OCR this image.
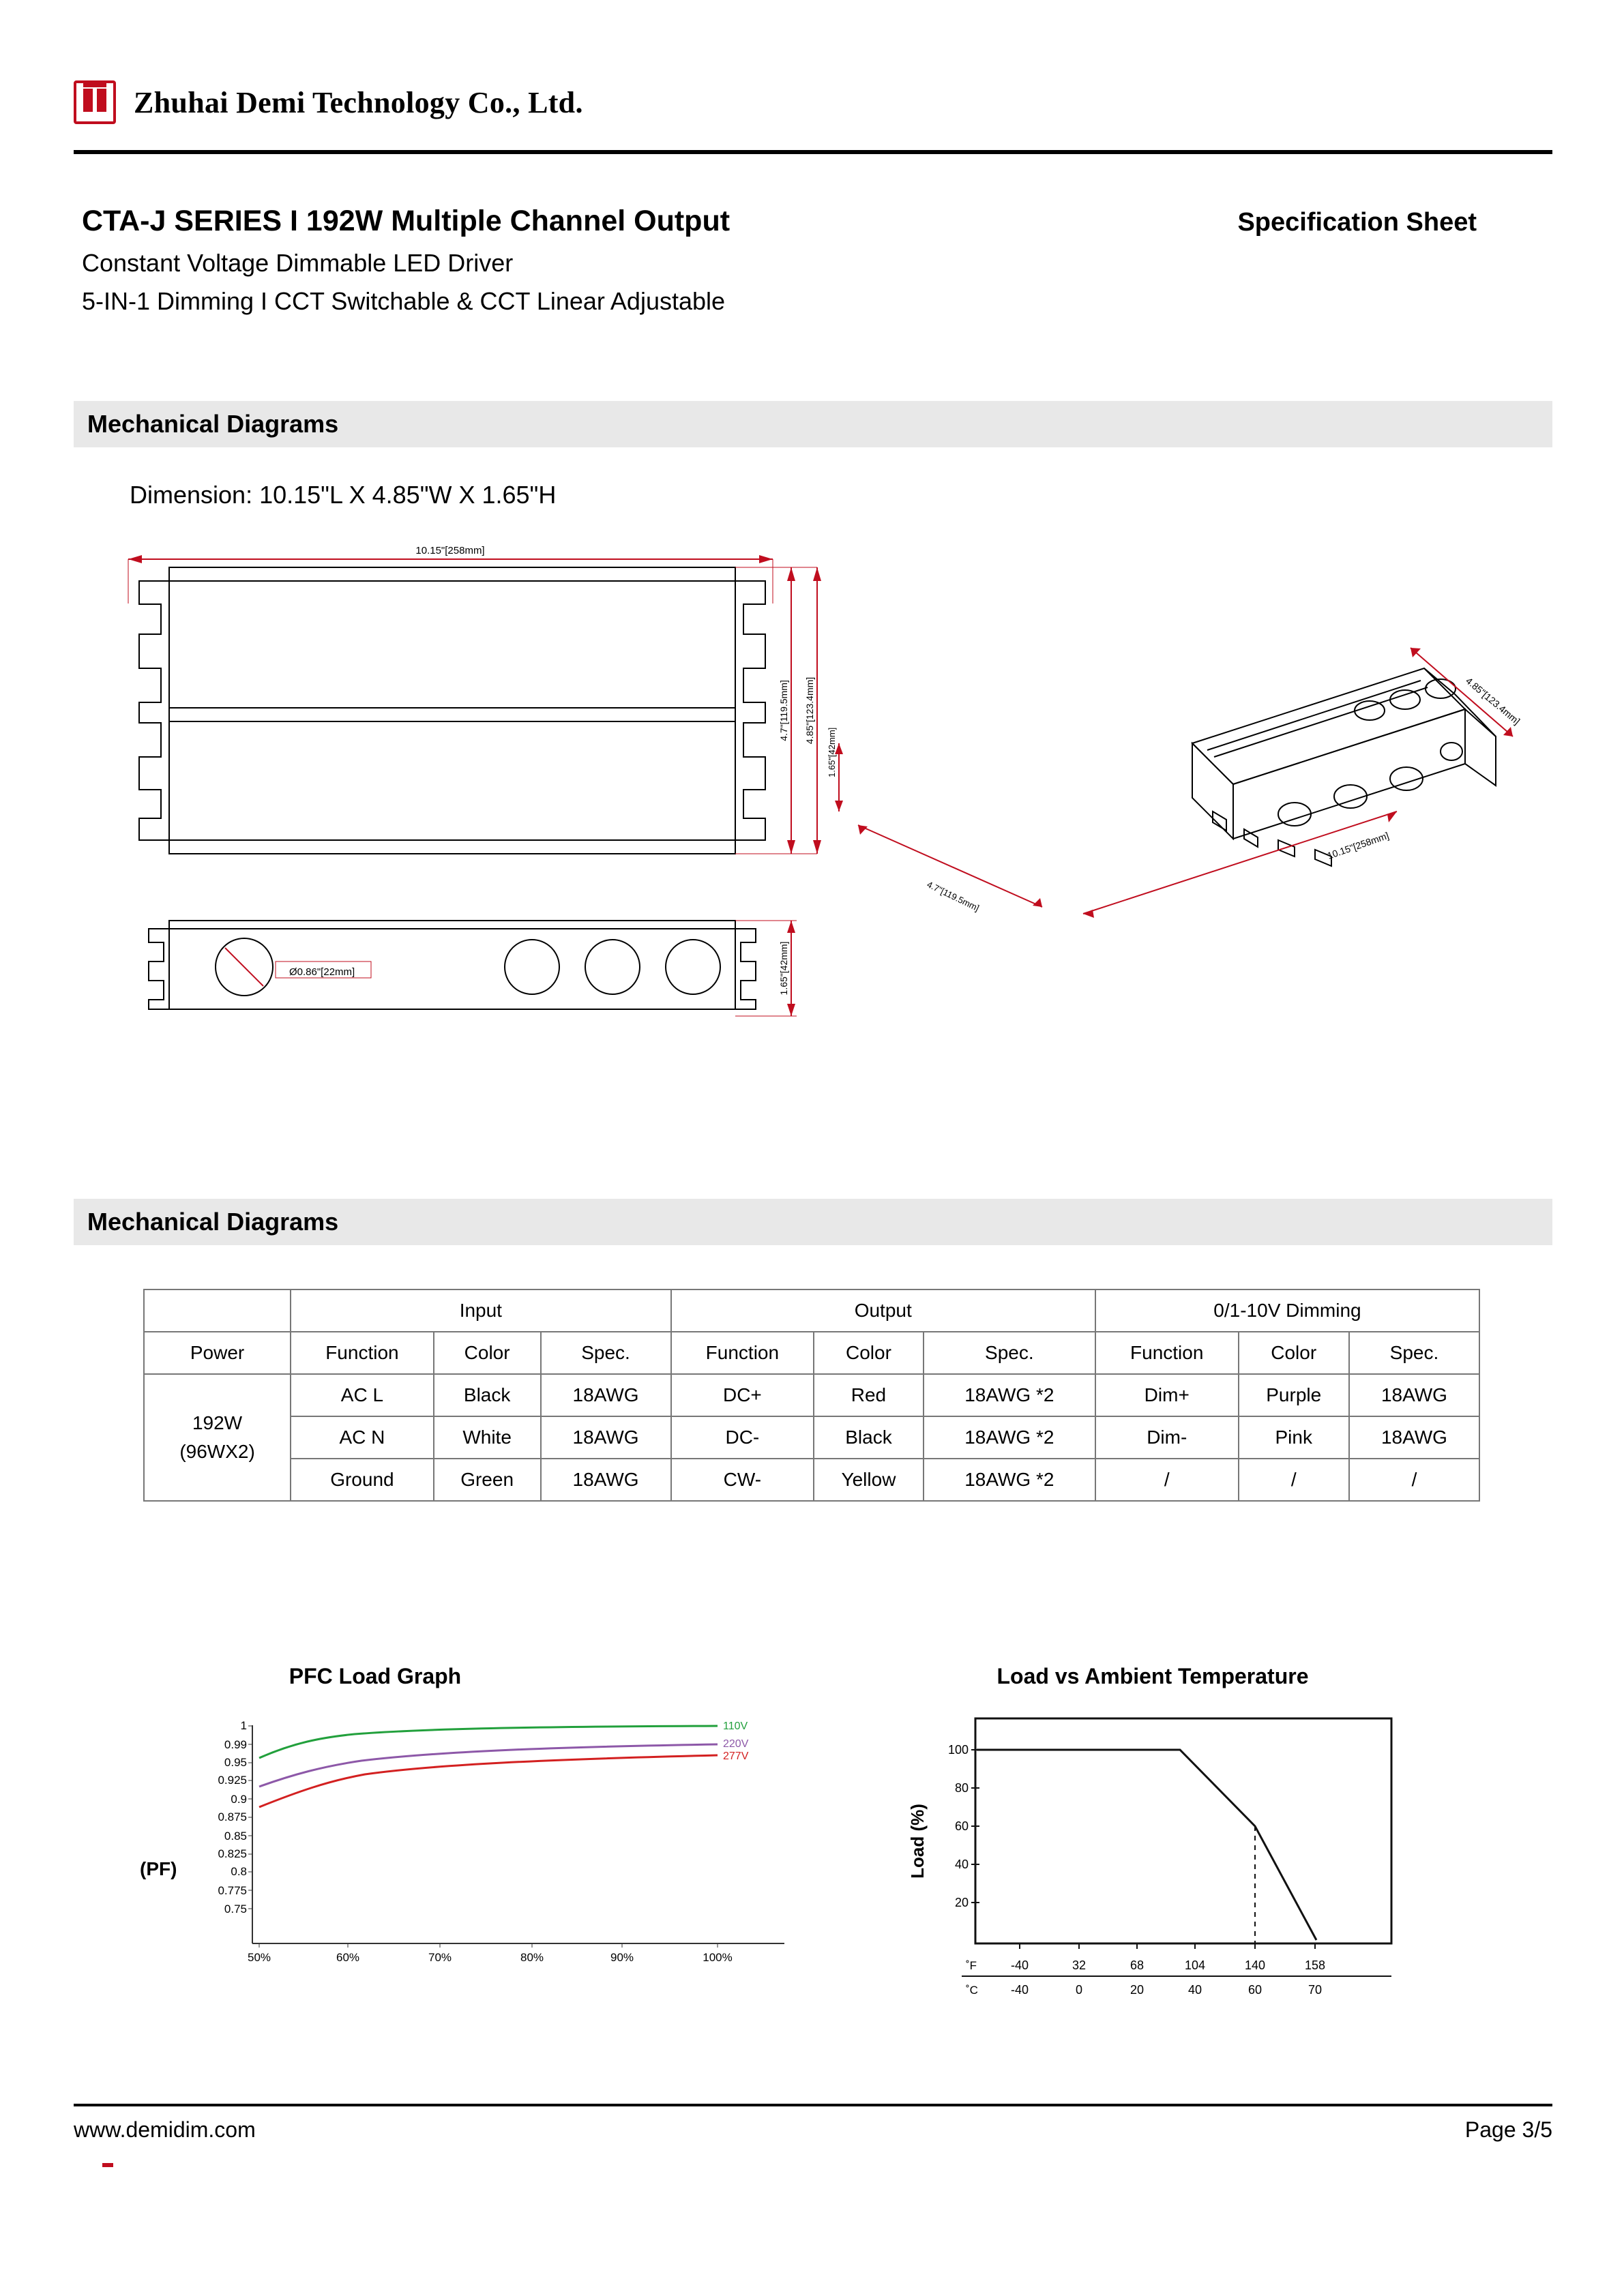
Zhuhai Demi Technology Co., Ltd.
CTA-J SERIES I 192W Multiple Channel Output	Specification Sheet
Constant Voltage Dimmable LED Driver
5-IN-1 Dimming I CCT Switchable & CCT Linear Adjustable
Mechanical Diagrams
Dimension: 10.15"L X 4.85"W X 1.65"H
10.15"[258mm]
4.7"[119.5mm] 4.85"[123.4mm]
Ø0.86"[22mm]	1.65"[42mm]
4.85"[123.4mm]
1.65"[42mm]
4.7"[119.5mm]
10.15"[258mm]
Mechanical Diagrams
	Input			Output			0/1-10V Dimming		
Power	Function	Color	Spec.	Function	Color	Spec.	Function	Color	Spec.

192W
(96WX2)	AC L	Black	18AWG	DC+	Red	18AWG *2	Dim+	Purple	18AWG
	AC N	White	18AWG	DC-	Black	18AWG *2	Dim-	Pink	18AWG
	Ground	Green	18AWG	CW-	Yellow	18AWG *2	/	/	/
PFC Load Graph	Load vs Ambient Temperature
(PF)
1
0.99
0.95
0.925
0.9
0.875
0.85
0.825
0.8
0.775
0.75
50%	60%	70%	80%	90%	100%
110V
220V
277V
Load (%)
100
80
60
40
20
˚F	-40	32	68	104	140	158
˚C	-40	0	20	40	60	70
www.demidim.com	Page 3/5
